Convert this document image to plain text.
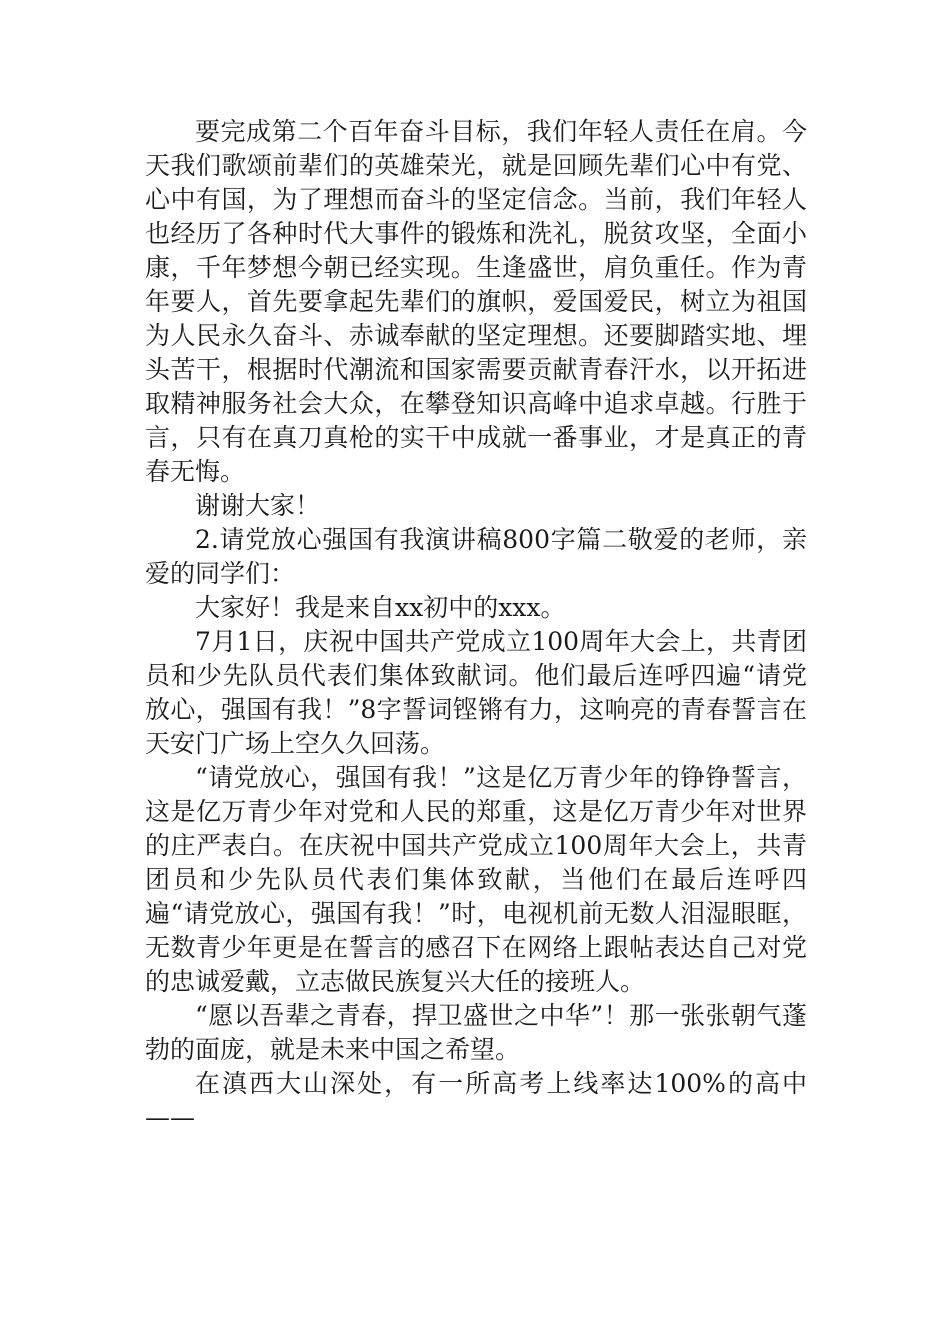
要完成第二个百年奋斗目标，我们年轻人责任在肩。今天我们歌颂前辈们的英雄荣光，就是回顾先辈们心中有党、心中有国，为了理想而奋斗的坚定信念。当前，我们年轻人也经历了各种时代大事件的锻炼和洗礼，脱贫攻坚，全面小康，千年梦想今朝已经实现。生逢盛世，肩负重任。作为青年要人，首先要拿起先辈们的旗帜，爱国爱民，树立为祖国为人民永久奋斗、赤诚奉献的坚定理想。还要脚踏实地、埋头苦干，根据时代潮流和国家需要贡献青春汗水，以开拓进取精神服务社会大众，在攀登知识高峰中追求卓越。行胜于言，只有在真刀真枪的实干中成就一番事业，才是真正的青春无悔。

谢谢大家！

2.请党放心强国有我演讲稿800字篇二敬爱的老师，亲爱的同学们：

大家好！我是来自xx初中的xxx。

7月1日，庆祝中国共产党成立100周年大会上，共青团员和少先队员代表们集体致献词。他们最后连呼四遍“请党放心，强国有我！”8字誓词铿锵有力，这响亮的青春誓言在天安门广场上空久久回荡。

“请党放心，强国有我！”这是亿万青少年的铮铮誓言，这是亿万青少年对党和人民的郑重，这是亿万青少年对世界的庄严表白。在庆祝中国共产党成立100周年大会上，共青团员和少先队员代表们集体致献，当他们在最后连呼四遍“请党放心，强国有我！”时，电视机前无数人泪湿眼眶，无数青少年更是在誓言的感召下在网络上跟帖表达自己对党的忠诚爱戴，立志做民族复兴大任的接班人。

“愿以吾辈之青春，捍卫盛世之中华”！那一张张朝气蓬勃的面庞，就是未来中国之希望。

在滇西大山深处，有一所高考上线率达100%的高中——
